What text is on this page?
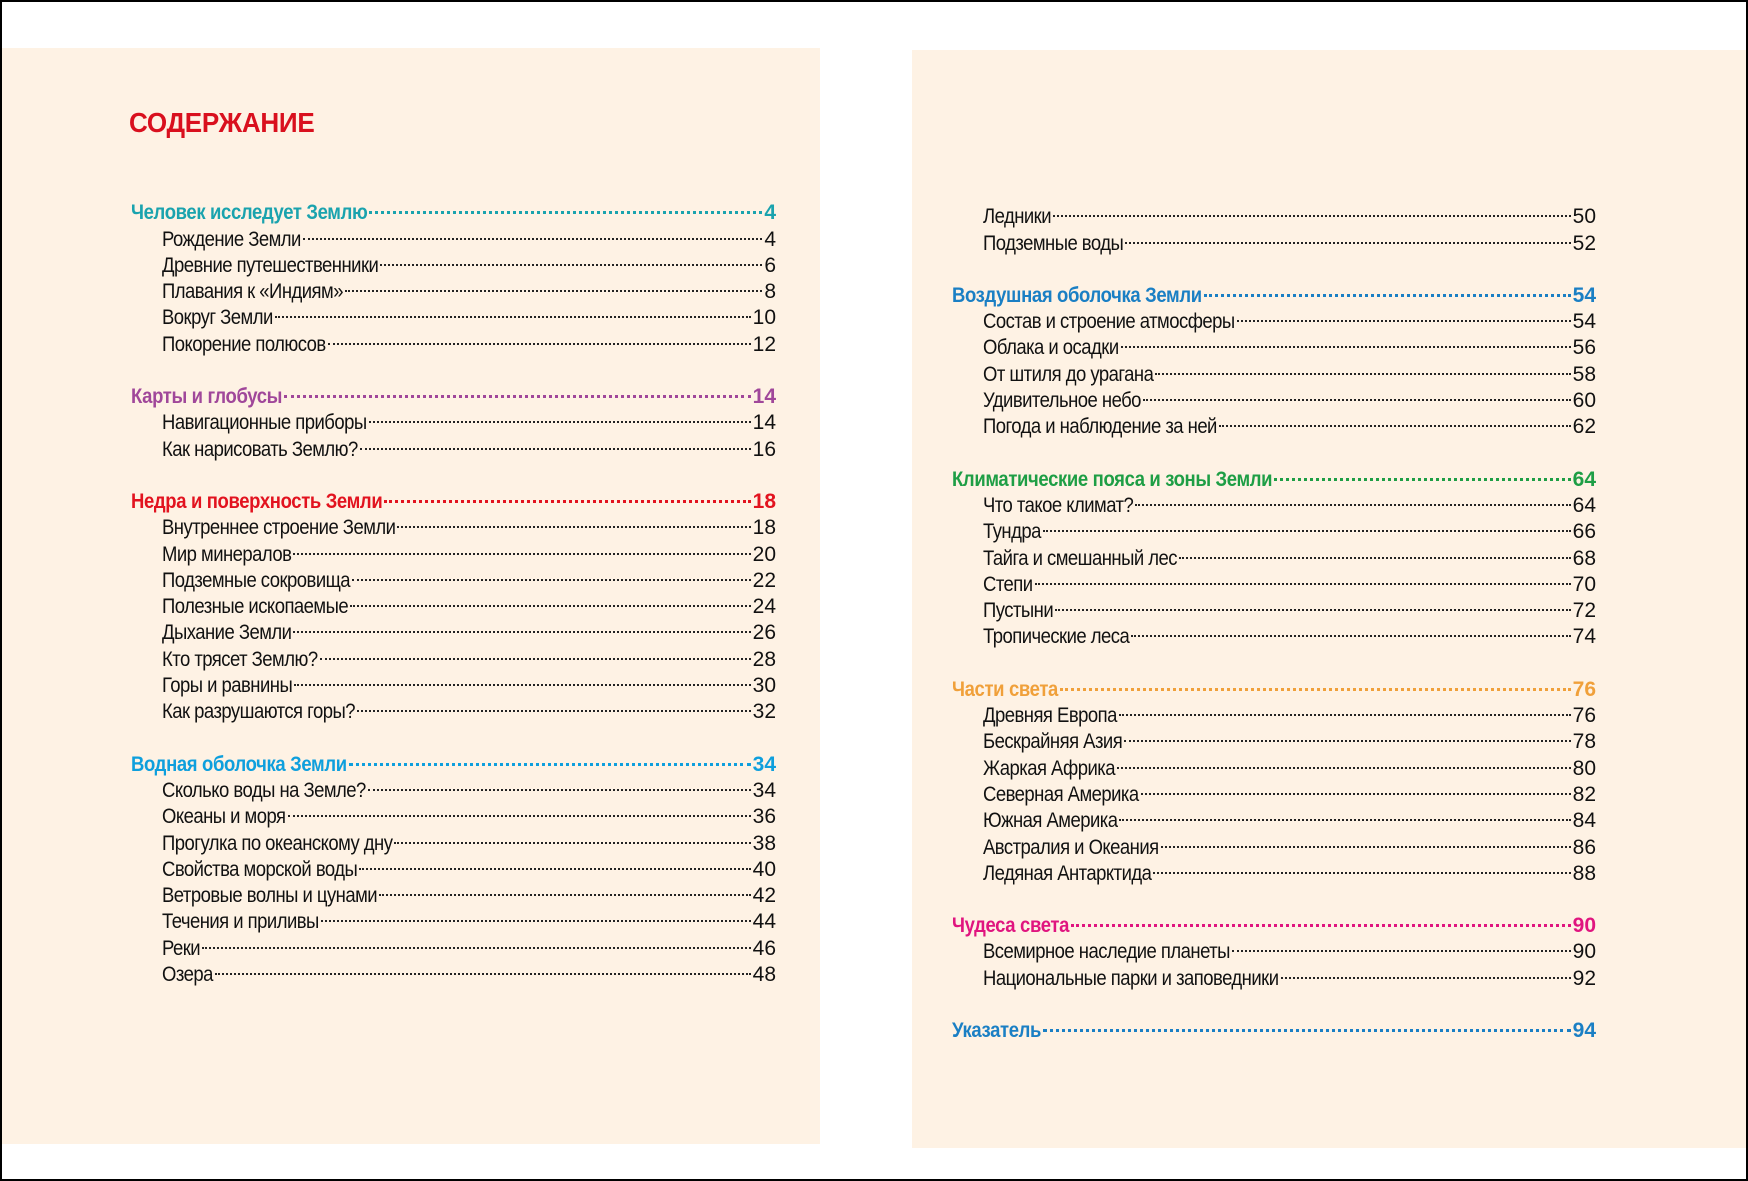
СОДЕРЖАНИЕ
Человек исследует Землю	4
Рождение Земли	4
Древние путешественники	6
Плавания к «Индиям»	8
Вокруг Земли	10
Покорение полюсов	12
Карты и глобусы	14
Навигационные приборы	14
Как нарисовать Землю?	16
Недра и поверхность Земли	18
Внутреннее строение Земли	18
Мир минералов	20
Подземные сокровища	22
Полезные ископаемые	24
Дыхание Земли	26
Кто трясет Землю?	28
Горы и равнины	30
Как разрушаются горы?	32
Водная оболочка Земли	34
Сколько воды на Земле?	34
Океаны и моря	36
Прогулка по океанскому дну	38
Свойства морской воды	40
Ветровые волны и цунами	42
Течения и приливы	44
Реки	46
Озера	48
Ледники	50
Подземные воды	52
Воздушная оболочка Земли	54
Состав и строение атмосферы	54
Облака и осадки	56
От штиля до урагана	58
Удивительное небо	60
Погода и наблюдение за ней	62
Климатические пояса и зоны Земли	64
Что такое климат?	64
Тундра	66
Тайга и смешанный лес	68
Степи	70
Пустыни	72
Тропические леса	74
Части света	76
Древняя Европа	76
Бескрайняя Азия	78
Жаркая Африка	80
Северная Америка	82
Южная Америка	84
Австралия и Океания	86
Ледяная Антарктида	88
Чудеса света	90
Всемирное наследие планеты	90
Национальные парки и заповедники	92
Указатель	94
